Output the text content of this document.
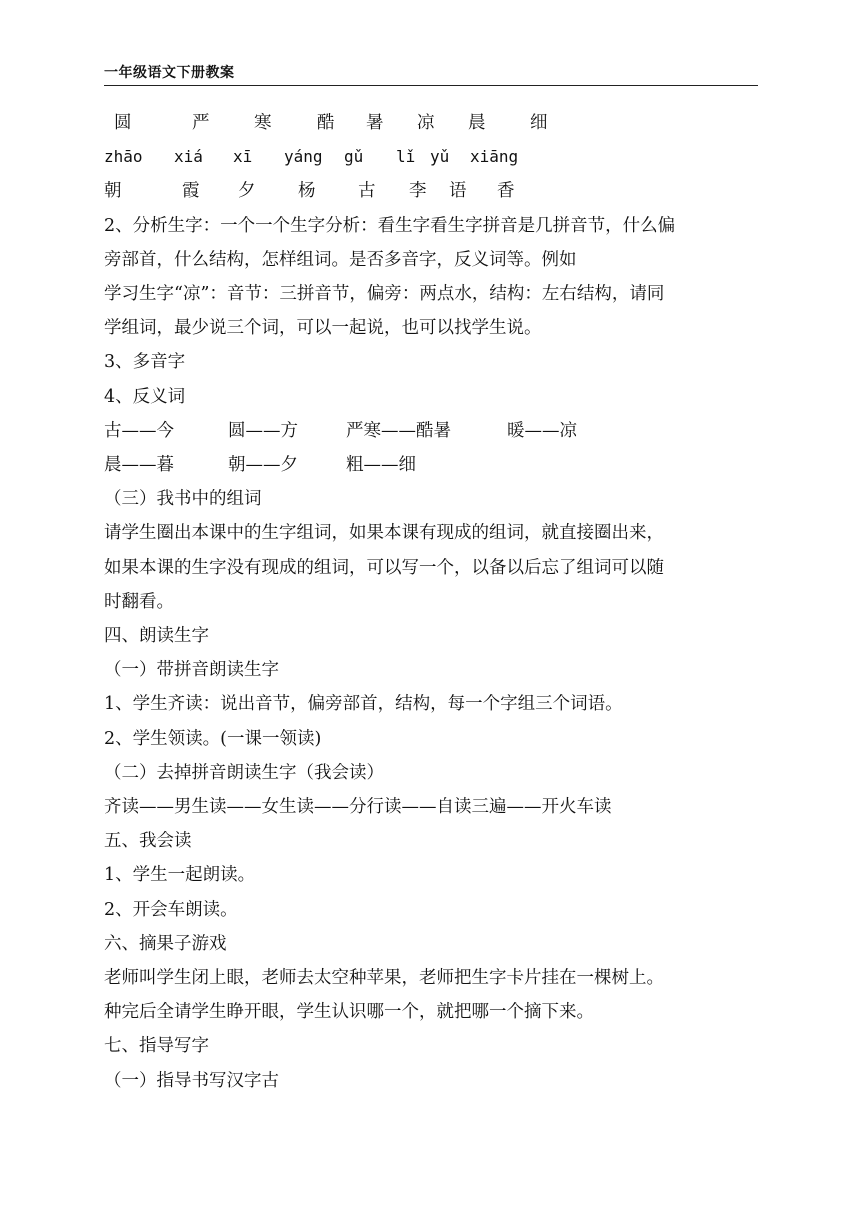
一年级语文下册教案
圆	严	寒	酷 暑 凉 晨	细
zhāo xiá xī yáng gǔ lǐ yǔ xiāng
朝	霞 夕 杨 古 李 语 香
2、分析生字：一个一个生字分析：看生字看生字拼音是几拼音节，什么偏
旁部首，什么结构，怎样组词。是否多音字，反义词等。例如
学习生字“凉”：音节：三拼音节，偏旁：两点水，结构：左右结构，请同
学组词，最少说三个词，可以一起说，也可以找学生说。
3、多音字
4、反义词
古——今	圆——方	严寒——酷暑	暖——凉
晨——暮	朝——夕	粗——细
（三）我书中的组词
请学生圈出本课中的生字组词，如果本课有现成的组词，就直接圈出来，
如果本课的生字没有现成的组词，可以写一个，以备以后忘了组词可以随
时翻看。
四、朗读生字
（一）带拼音朗读生字
1、学生齐读：说出音节，偏旁部首，结构，每一个字组三个词语。
2、学生领读。(一课一领读)
（二）去掉拼音朗读生字（我会读）
齐读——男生读——女生读——分行读——自读三遍——开火车读
五、我会读
1、学生一起朗读。
2、开会车朗读。
六、摘果子游戏
老师叫学生闭上眼，老师去太空种苹果，老师把生字卡片挂在一棵树上。
种完后全请学生睁开眼，学生认识哪一个，就把哪一个摘下来。
七、指导写字
（一）指导书写汉字古
